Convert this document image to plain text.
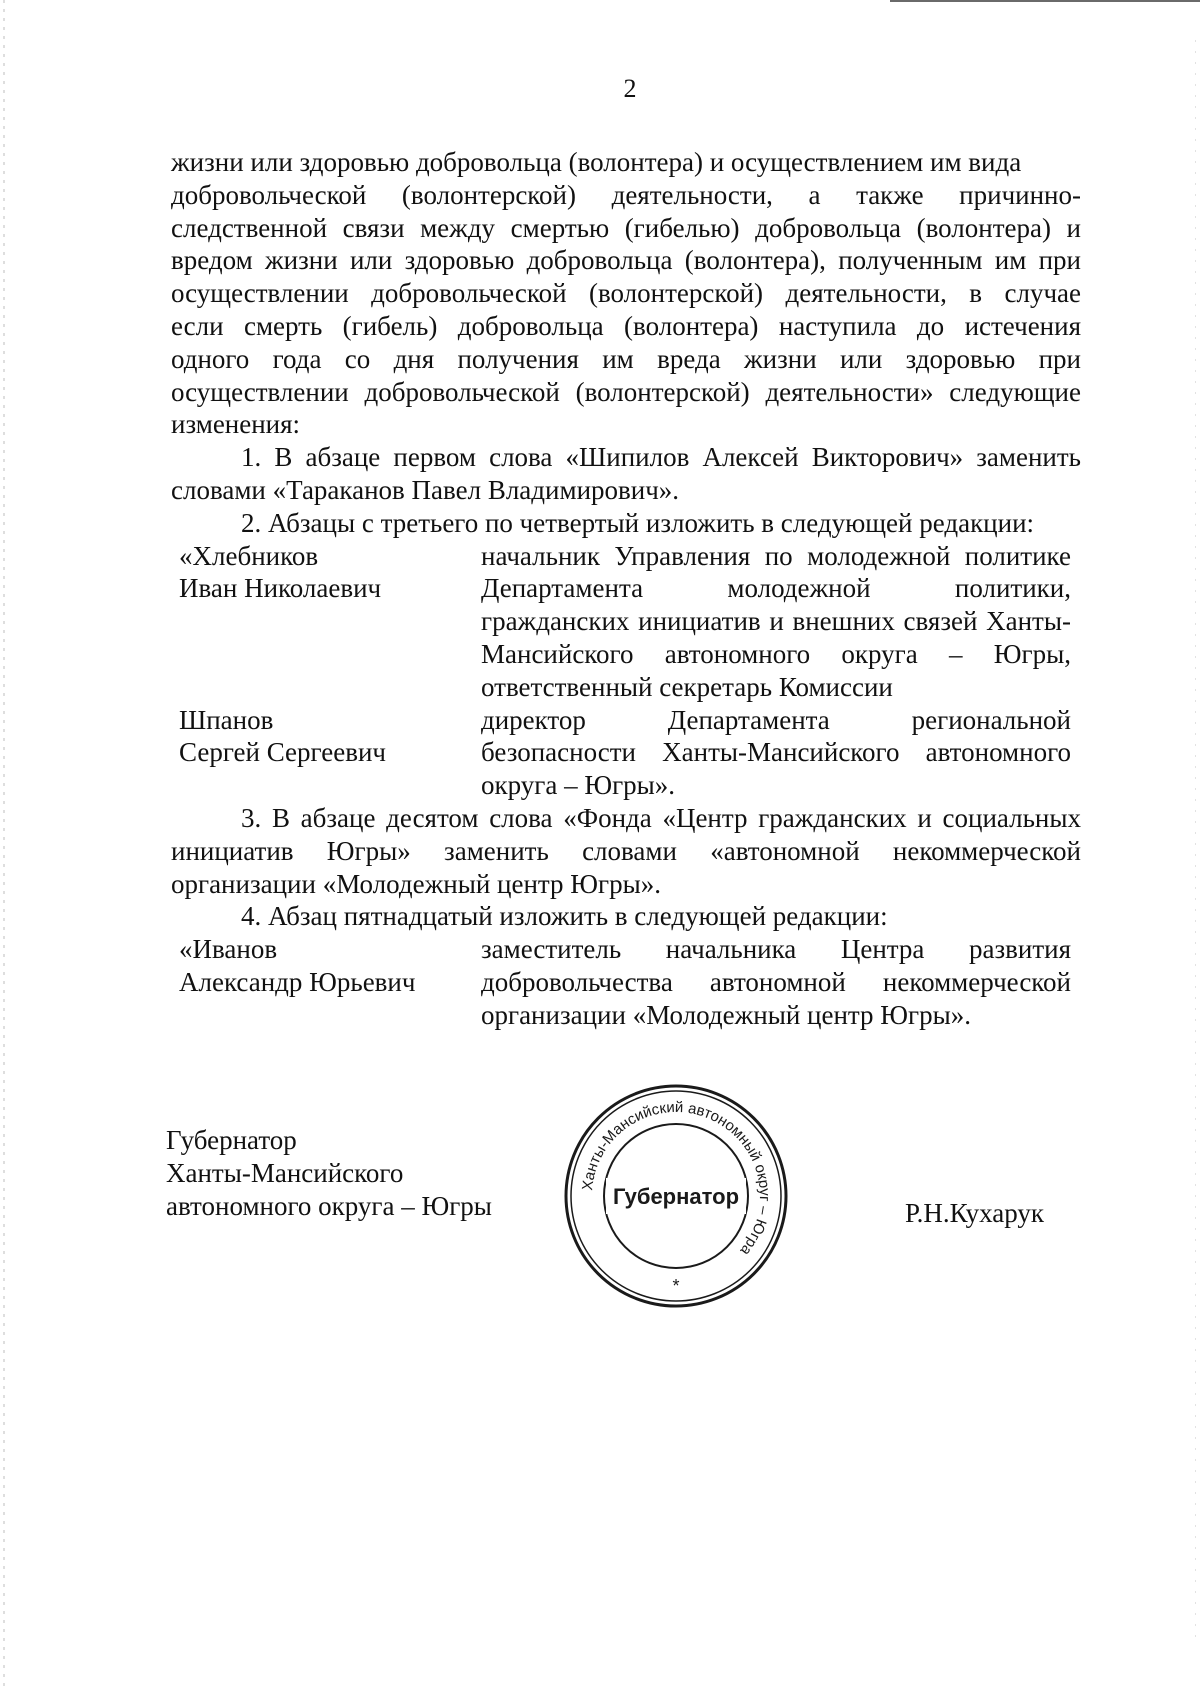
2

жизни или здоровью добровольца (волонтера) и осуществлением им вида

добровольческой (волонтерской) деятельности, а также причинно-

следственной связи между смертью (гибелью) добровольца (волонтера) и

вредом жизни или здоровью добровольца (волонтера), полученным им при

осуществлении добровольческой (волонтерской) деятельности, в случае

если смерть (гибель) добровольца (волонтера) наступила до истечения

одного года со дня получения им вреда жизни или здоровью при

осуществлении добровольческой (волонтерской) деятельности» следующие

изменения:

1. В абзаце первом слова «Шипилов Алексей Викторович» заменить словами «Тараканов Павел Владимирович».

2. Абзацы с третьего по четвертый изложить в следующей редакции:

«Хлебников
Иван Николаевич
начальник Управления по молодежной политике Департамента молодежной политики, гражданских инициатив и внешних связей Ханты-Мансийского автономного округа – Югры, ответственный секретарь Комиссии
Шпанов
Сергей Сергеевич
директор Департамента региональной безопасности Ханты-Мансийского автономного округа – Югры».

3. В абзаце десятом слова «Фонда «Центр гражданских и социальных инициатив Югры» заменить словами «автономной некоммерческой организации «Молодежный центр Югры».

4. Абзац пятнадцатый изложить в следующей редакции:

«Иванов
Александр Юрьевич
заместитель начальника Центра развития добровольчества автономной некоммерческой организации «Молодежный центр Югры».
Губернатор
Ханты-Мансийского
автономного округа – Югры
Ханты-Мансийский автономный округ – Югра
Губернатор
*
Р.Н.Кухарук
